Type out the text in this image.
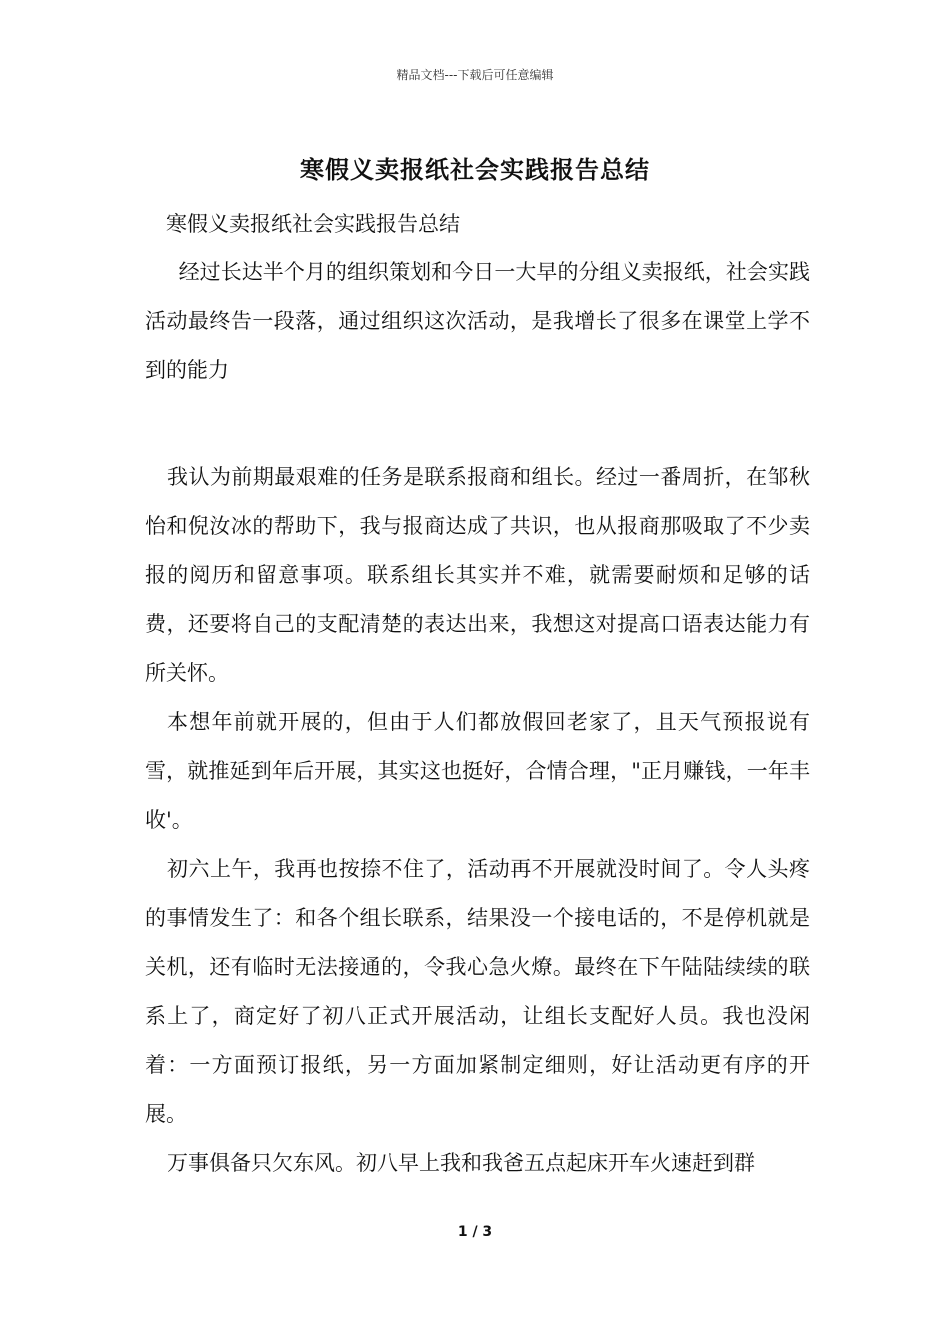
精品文档---下载后可任意编辑
寒假义卖报纸社会实践报告总结
寒假义卖报纸社会实践报告总结

经过长达半个月的组织策划和今日一大早的分组义卖报纸，社会实践活动最终告一段落，通过组织这次活动，是我增长了很多在课堂上学不到的能力

我认为前期最艰难的任务是联系报商和组长。经过一番周折，在邹秋怡和倪汝冰的帮助下，我与报商达成了共识，也从报商那吸取了不少卖报的阅历和留意事项。联系组长其实并不难，就需要耐烦和足够的话费，还要将自己的支配清楚的表达出来，我想这对提高口语表达能力有所关怀。

本想年前就开展的，但由于人们都放假回老家了，且天气预报说有雪，就推延到年后开展，其实这也挺好，合情合理，"正月赚钱，一年丰收'。

初六上午，我再也按捺不住了，活动再不开展就没时间了。令人头疼的事情发生了：和各个组长联系，结果没一个接电话的，不是停机就是关机，还有临时无法接通的，令我心急火燎。最终在下午陆陆续续的联系上了，商定好了初八正式开展活动，让组长支配好人员。我也没闲着：一方面预订报纸，另一方面加紧制定细则，好让活动更有序的开展。

万事俱备只欠东风。初八早上我和我爸五点起床开车火速赶到群

1 / 3
